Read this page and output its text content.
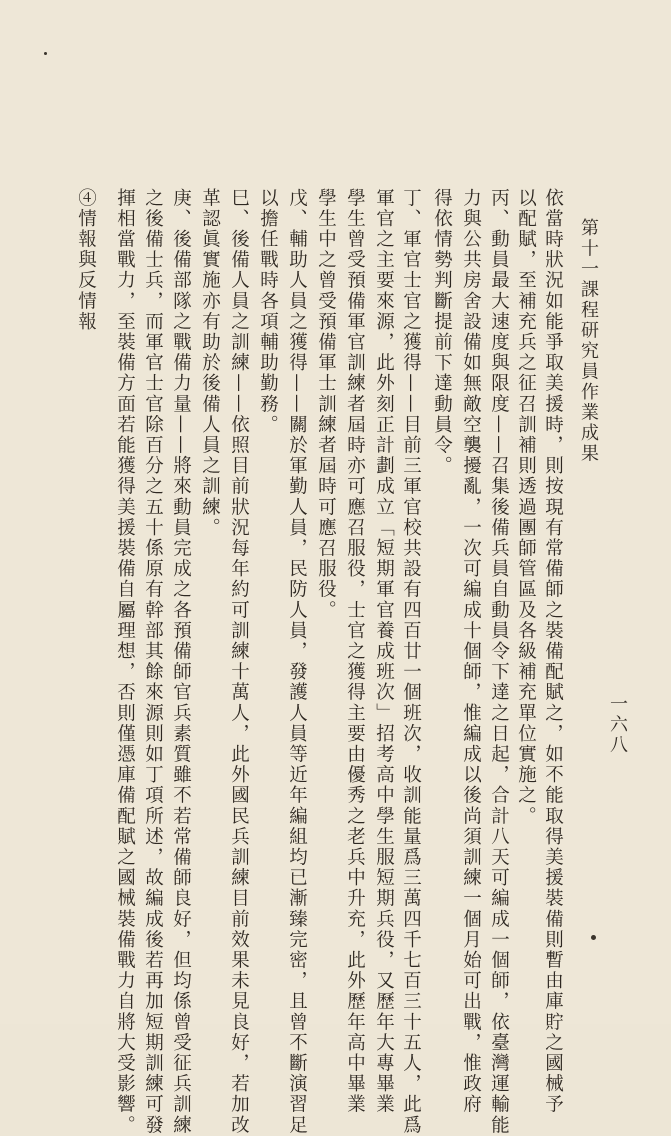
第十一課程研究員作業成果
一六八
依當時狀況如能爭取美援時，則按現有常備師之裝備配賦之，如不能取得美援裝備則暫由庫貯之國械予
以配賦，至補充兵之征召訓補則透過團師管區及各級補充單位實施之。
丙、動員最大速度與限度——召集後備兵員自動員令下達之日起，合計八天可編成一個師，依臺灣運輸能
力與公共房舍設備如無敵空襲擾亂，一次可編成十個師，惟編成以後尚須訓練一個月始可出戰，惟政府
得依情勢判斷提前下達動員令。
丁、軍官士官之獲得——目前三軍官校共設有四百廿一個班次，收訓能量爲三萬四千七百三十五人，此爲
軍官之主要來源，此外刻正計劃成立「短期軍官養成班次」招考高中學生服短期兵役，又歷年大專畢業
學生曾受預備軍官訓練者屆時亦可應召服役，士官之獲得主要由優秀之老兵中升充，此外歷年高中畢業
學生中之曾受預備軍士訓練者屆時可應召服役。
戊、輔助人員之獲得——關於軍勤人員，民防人員，發護人員等近年編組均已漸臻完密，且曾不斷演習足
以擔任戰時各項輔助勤務。
巳、後備人員之訓練——依照目前狀況每年約可訓練十萬人，此外國民兵訓練目前效果未見良好，若加改
革認眞實施亦有助於後備人員之訓練。
庚、後備部隊之戰備力量——將來動員完成之各預備師官兵素質雖不若常備師良好，但均係曾受征兵訓練
之後備士兵，而軍官士官除百分之五十係原有幹部其餘來源則如丁項所述，故編成後若再加短期訓練可發
揮相當戰力，至裝備方面若能獲得美援裝備自屬理想，否則僅憑庫備配賦之國械裝備戰力自將大受影響。
④情報與反情報
